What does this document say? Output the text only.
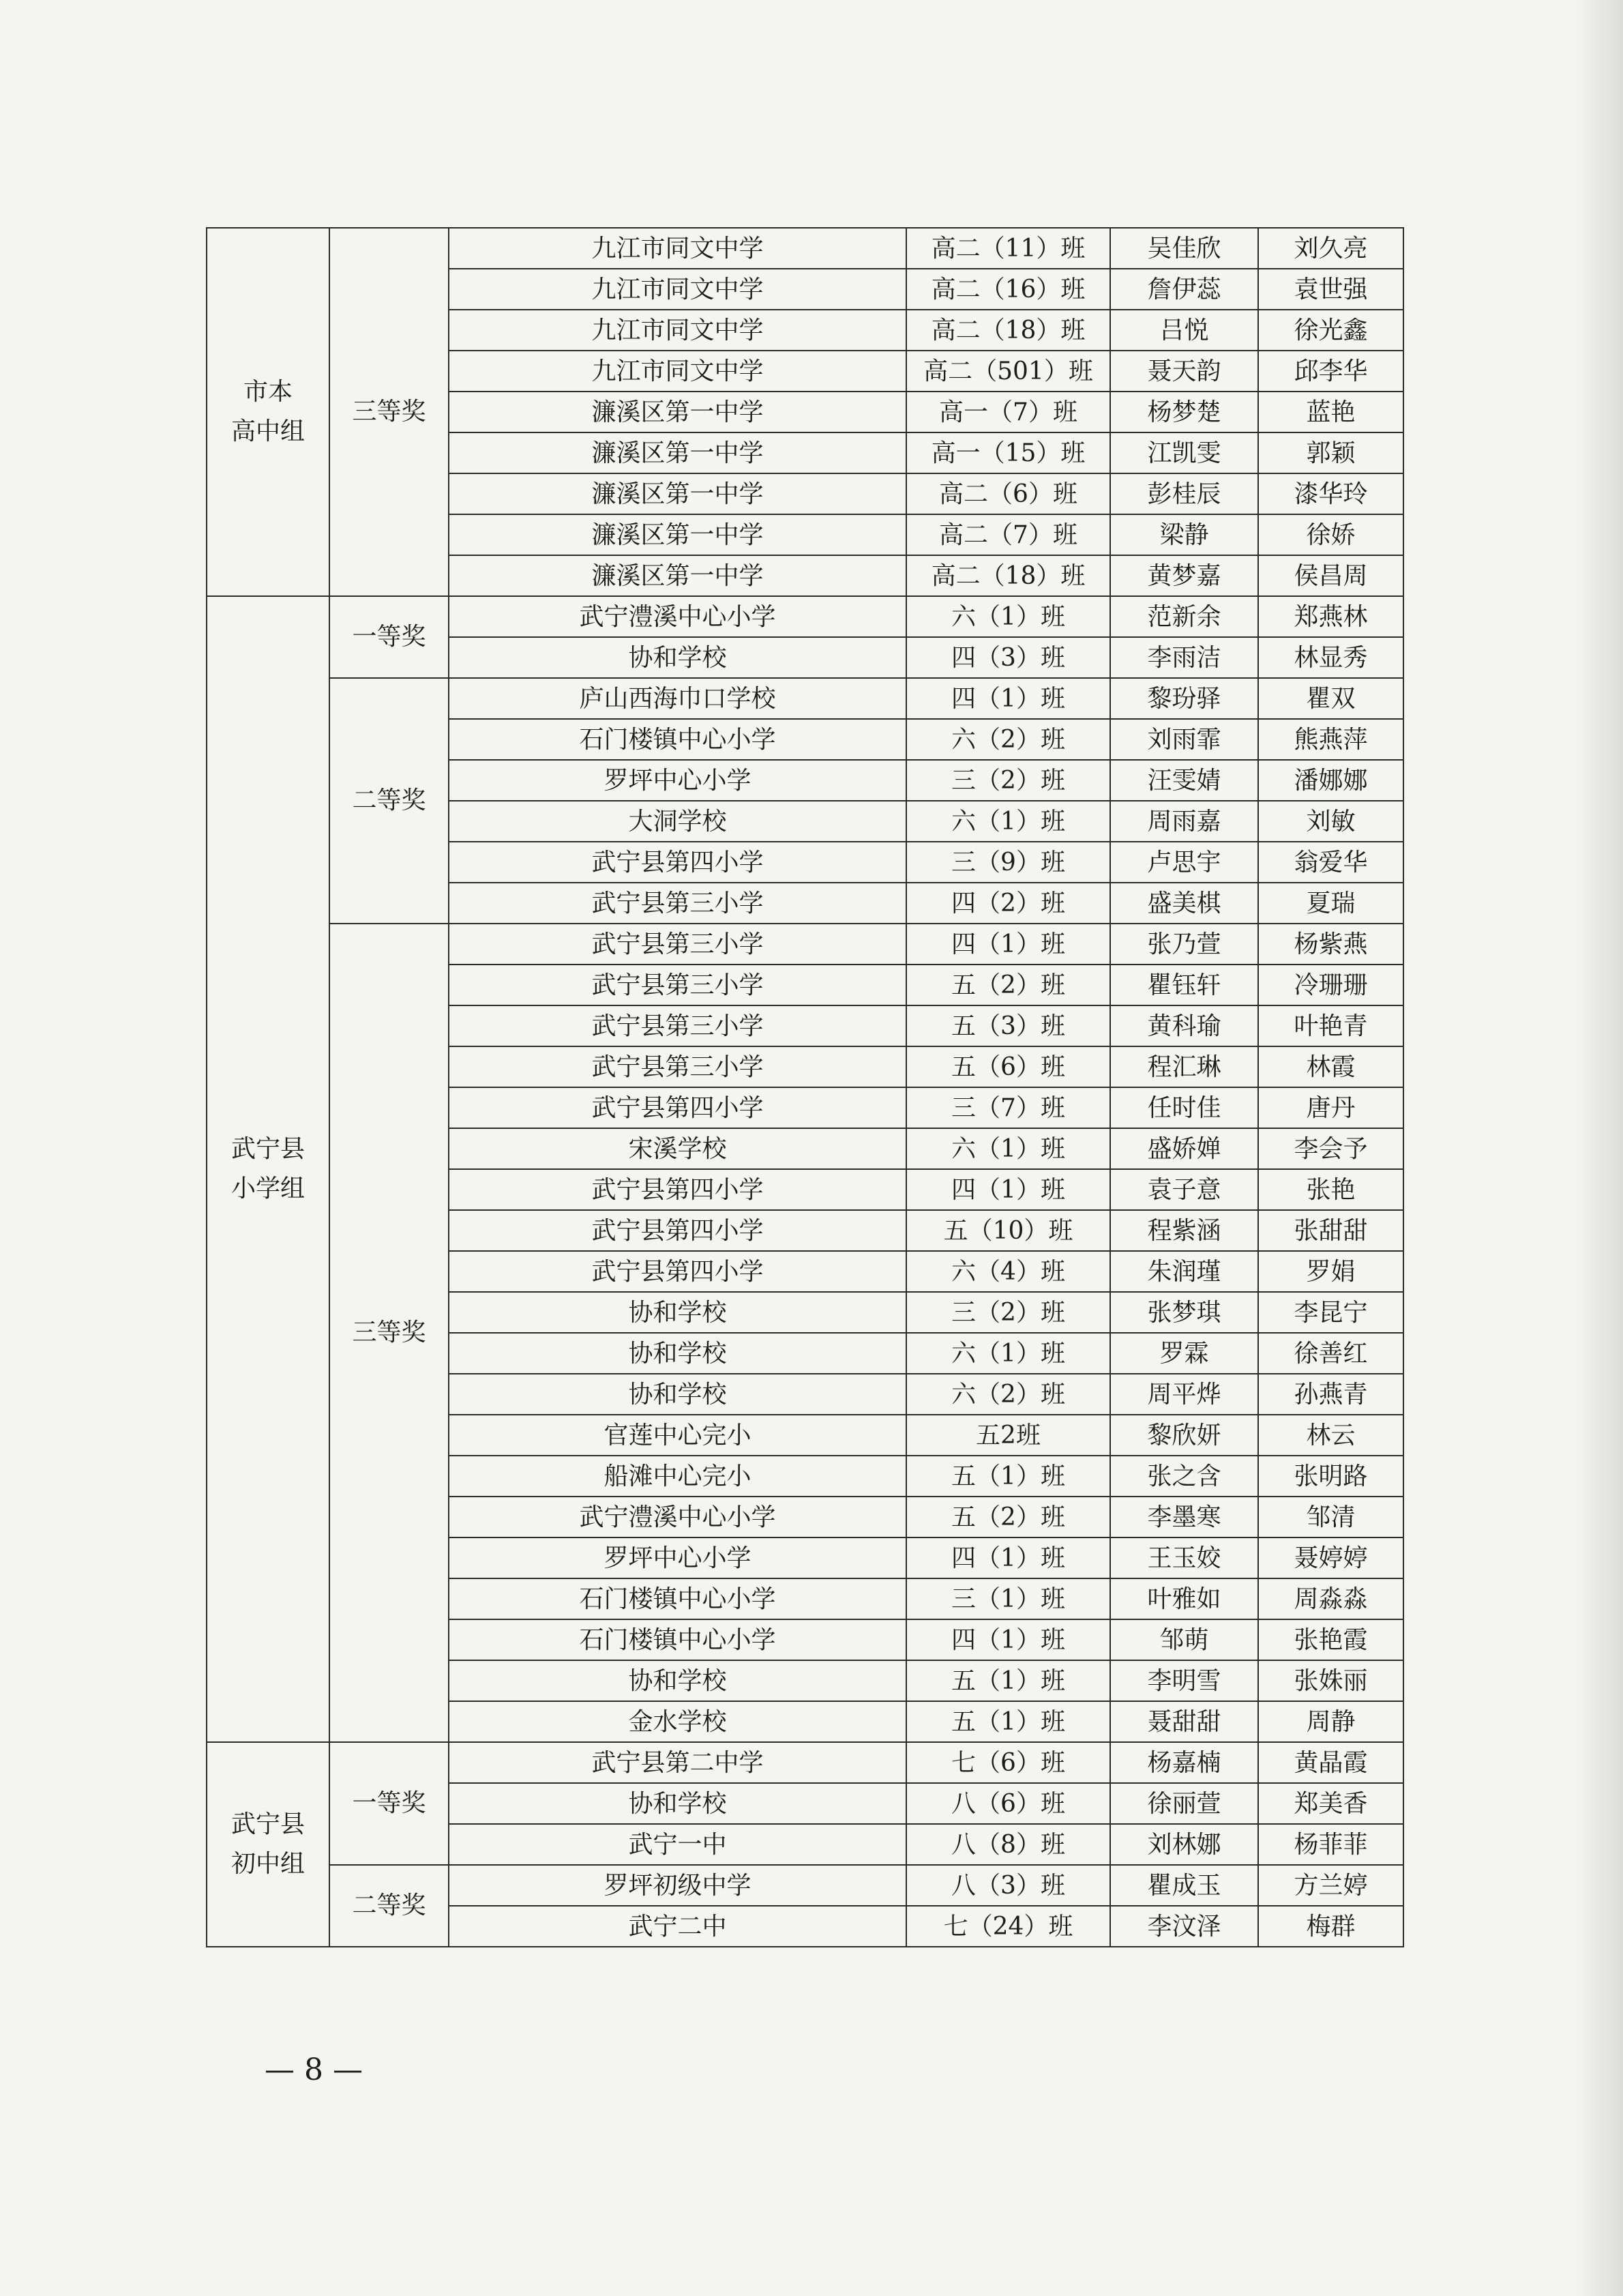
市本
高中组	三等奖	九江市同文中学	高二（11）班	吴佳欣	刘久亮
		九江市同文中学	高二（16）班	詹伊蕊	袁世强
		九江市同文中学	高二（18）班	吕悦	徐光鑫
		九江市同文中学	高二（501）班	聂天韵	邱李华
		濂溪区第一中学	高一（7）班	杨梦楚	蓝艳
		濂溪区第一中学	高一（15）班	江凯雯	郭颖
		濂溪区第一中学	高二（6）班	彭桂辰	漆华玲
		濂溪区第一中学	高二（7）班	梁静	徐娇
		濂溪区第一中学	高二（18）班	黄梦嘉	侯昌周

武宁县
小学组	一等奖	武宁澧溪中心小学	六（1）班	范新余	郑燕林
		协和学校	四（3）班	李雨洁	林显秀
	二等奖	庐山西海巾口学校	四（1）班	黎玢驿	瞿双
		石门楼镇中心小学	六（2）班	刘雨霏	熊燕萍
		罗坪中心小学	三（2）班	汪雯婧	潘娜娜
		大洞学校	六（1）班	周雨嘉	刘敏
		武宁县第四小学	三（9）班	卢思宇	翁爱华
		武宁县第三小学	四（2）班	盛美棋	夏瑞
	三等奖	武宁县第三小学	四（1）班	张乃萱	杨紫燕
		武宁县第三小学	五（2）班	瞿钰轩	冷珊珊
		武宁县第三小学	五（3）班	黄科瑜	叶艳青
		武宁县第三小学	五（6）班	程汇琳	林霞
		武宁县第四小学	三（7）班	任时佳	唐丹
		宋溪学校	六（1）班	盛娇婵	李会予
		武宁县第四小学	四（1）班	袁子意	张艳
		武宁县第四小学	五（10）班	程紫涵	张甜甜
		武宁县第四小学	六（4）班	朱润瑾	罗娟
		协和学校	三（2）班	张梦琪	李昆宁
		协和学校	六（1）班	罗霖	徐善红
		协和学校	六（2）班	周平烨	孙燕青
		官莲中心完小	五2班	黎欣妍	林云
		船滩中心完小	五（1）班	张之含	张明路
		武宁澧溪中心小学	五（2）班	李墨寒	邹清
		罗坪中心小学	四（1）班	王玉姣	聂婷婷
		石门楼镇中心小学	三（1）班	叶雅如	周淼淼
		石门楼镇中心小学	四（1）班	邹萌	张艳霞
		协和学校	五（1）班	李明雪	张姝丽
		金水学校	五（1）班	聂甜甜	周静

武宁县
初中组	一等奖	武宁县第二中学	七（6）班	杨嘉楠	黄晶霞
		协和学校	八（6）班	徐丽萱	郑美香
		武宁一中	八（8）班	刘林娜	杨菲菲
	二等奖	罗坪初级中学	八（3）班	瞿成玉	方兰婷
		武宁二中	七（24）班	李汶泽	梅群
— 8 —
